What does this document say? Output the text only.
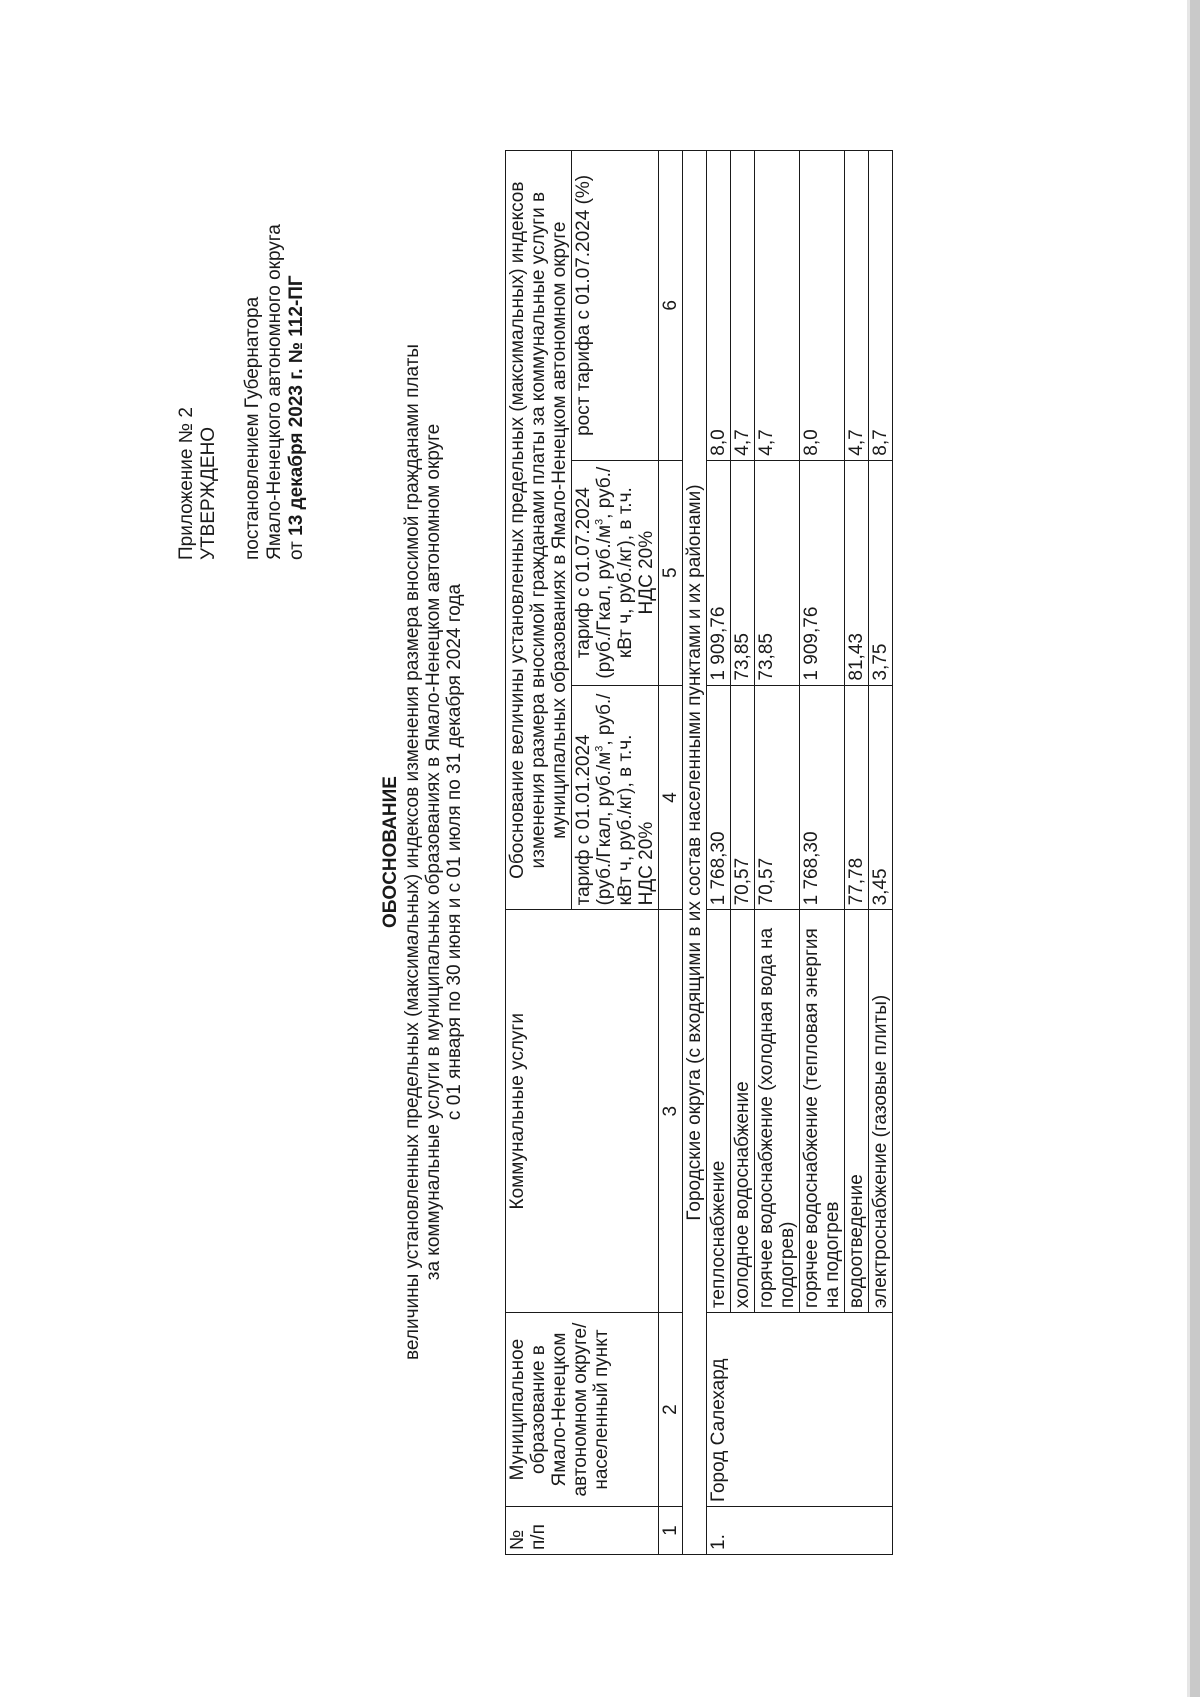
Приложение № 2 УТВЕРЖДЕНО постановлением Губернатора Ямало-Ненецкого автономного округа от 13 декабря 2023 г. № 112-ПГ
ОБОСНОВАНИЕ величины установленных предельных (максимальных) индексов изменения размера вносимой гражданами платы за коммунальные услуги в муниципальных образованиях в Ямало-Ненецком автономном округе с 01 января по 30 июня и с 01 июля по 31 декабря 2024 года
№ п/п	Муниципальное образование в Ямало-Ненецком автономном округе/ населенный пункт	Коммунальные услуги	Обоснование величины установленных предельных (максимальных) индексов изменения размера вносимой гражданами платы за коммунальные услуги в муниципальных образованиях в Ямало-Ненецком автономном округе		
			тариф с 01.01.2024 (руб./Гкал, $руб./м^3$, руб./кВт ч, руб./кг), в т.ч. НДС 20%	тариф с 01.07.2024 (руб./Гкал, $руб./м^3$, руб./кВт ч, руб./кг), в т.ч. НДС 20%	рост тарифа с 01.07.2024 (%)
1	2	3	4	5	6
Городские округа (с входящими в их состав населенными пунктами и их районами)					
1.	Город Салехард	теплоснабжение	1 768,30	1 909,76	8,0
		холодное водоснабжение	70,57	73,85	4,7
		горячее водоснабжение (холодная вода на подогрев)	70,57	73,85	4,7
		горячее водоснабжение (тепловая энергия на подогрев	1 768,30	1 909,76	8,0
		водоотведение	77,78	81,43	4,7
		электроснабжение (газовые плиты)	3,45	3,75	8,7
